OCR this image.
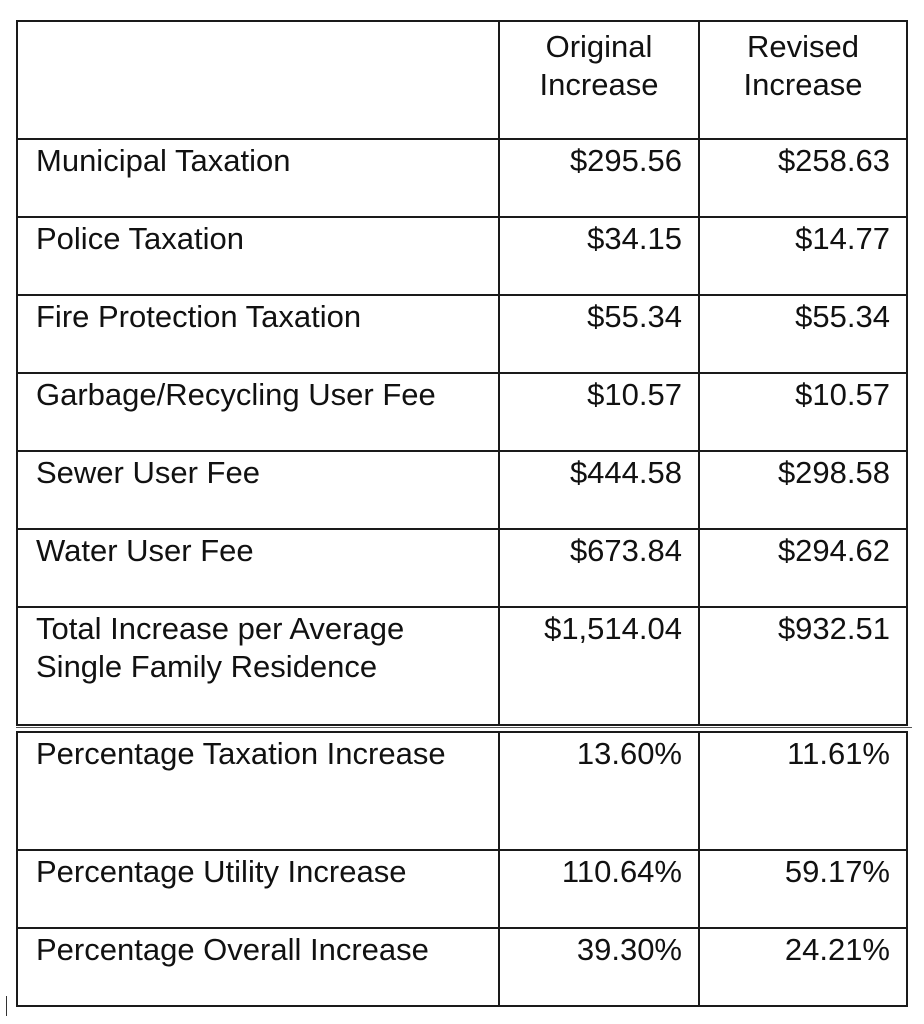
	Original Increase	Revised Increase
Municipal Taxation	$295.56	$258.63
Police Taxation	$34.15	$14.77
Fire Protection Taxation	$55.34	$55.34
Garbage/Recycling User Fee	$10.57	$10.57
Sewer User Fee	$444.58	$298.58
Water User Fee	$673.84	$294.62
Total Increase per Average Single Family Residence	$1,514.04	$932.51
Percentage Taxation Increase	13.60%	11.61%
Percentage Utility Increase	110.64%	59.17%
Percentage Overall Increase	39.30%	24.21%
